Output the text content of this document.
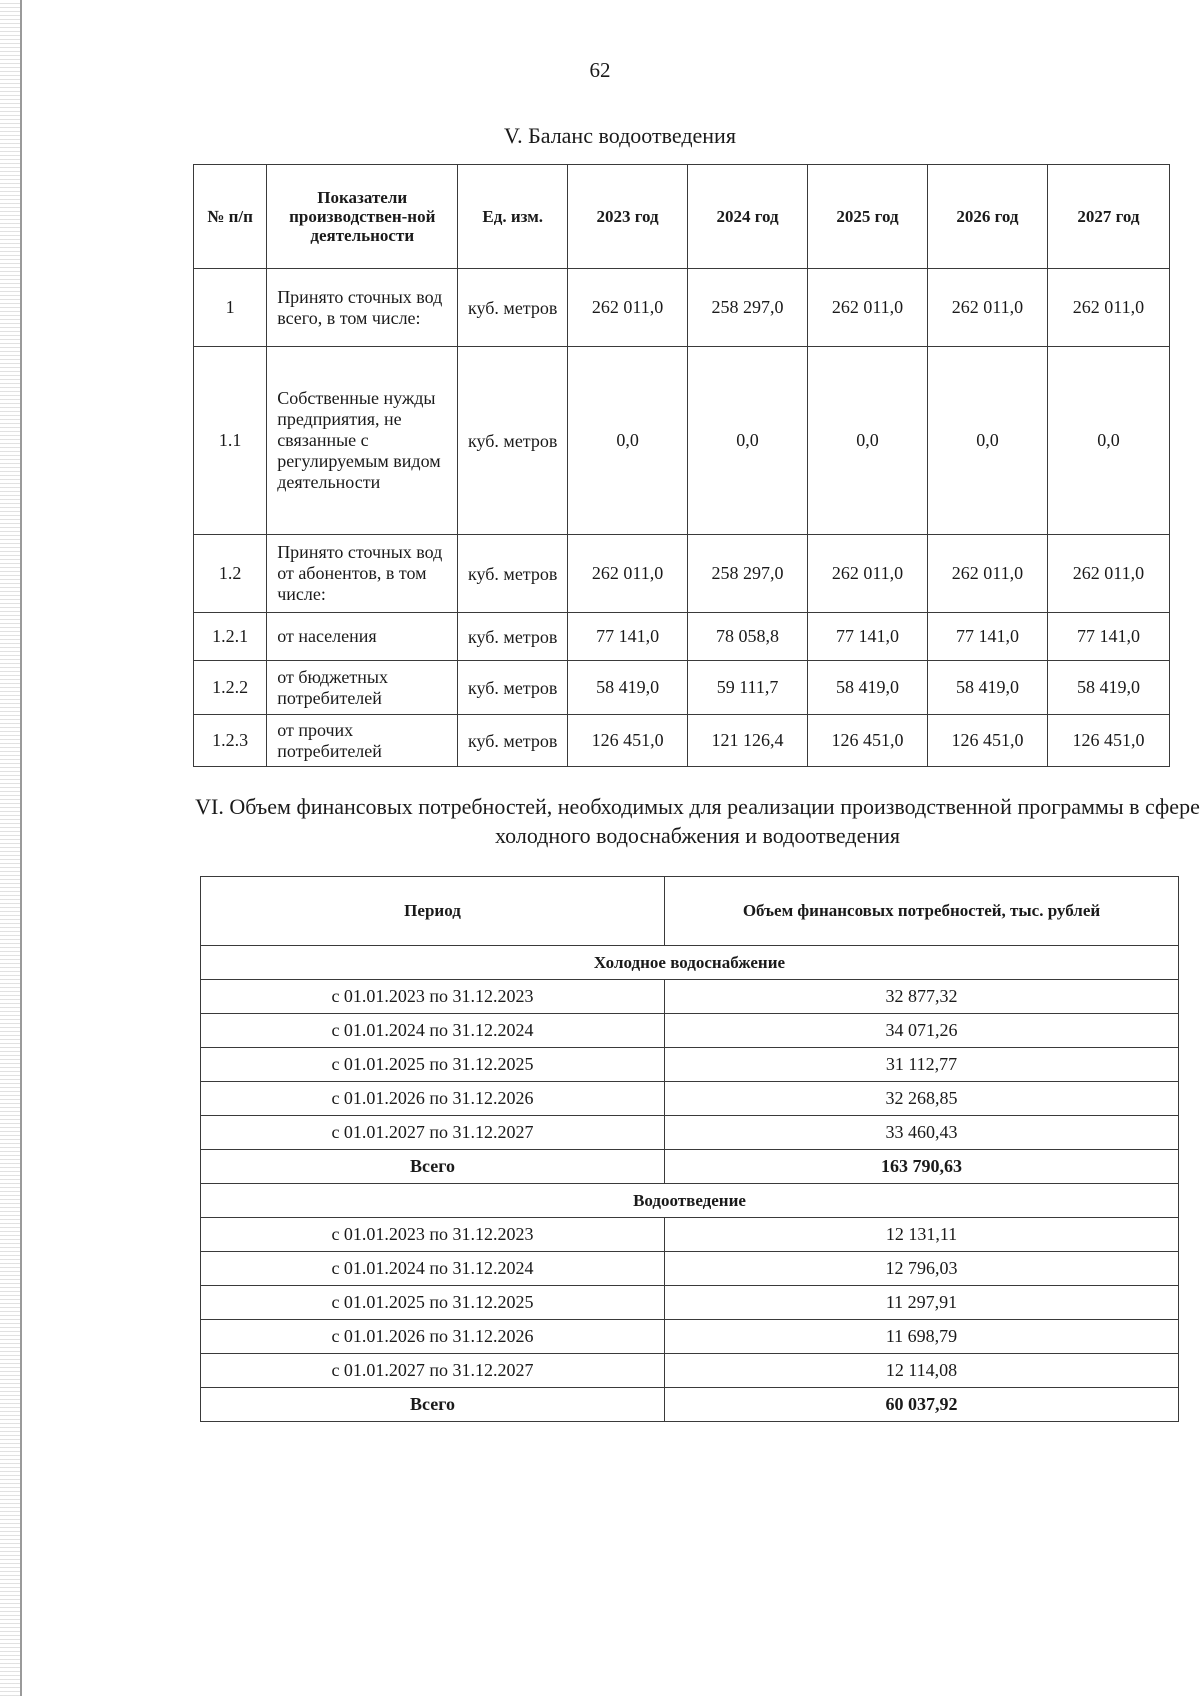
62
V. Баланс водоотведения
№ п/п	Показатели производствен-ной деятельности	Ед. изм.	2023 год	2024 год	2025 год	2026 год	2027 год
1	Принято сточных вод всего, в том числе:	куб. метров	262 011,0	258 297,0	262 011,0	262 011,0	262 011,0
1.1	Собственные нужды предприятия, не связанные с регулируемым видом деятельности	куб. метров	0,0	0,0	0,0	0,0	0,0
1.2	Принято сточных вод от абонентов, в том числе:	куб. метров	262 011,0	258 297,0	262 011,0	262 011,0	262 011,0
1.2.1	от населения	куб. метров	77 141,0	78 058,8	77 141,0	77 141,0	77 141,0
1.2.2	от бюджетных потребителей	куб. метров	58 419,0	59 111,7	58 419,0	58 419,0	58 419,0
1.2.3	от прочих потребителей	куб. метров	126 451,0	121 126,4	126 451,0	126 451,0	126 451,0
VI. Объем финансовых потребностей, необходимых для реализации производственной программы в сфере холодного водоснабжения и водоотведения
Период	Объем финансовых потребностей, тыс. рублей
Холодное водоснабжение	
с 01.01.2023 по 31.12.2023	32 877,32
с 01.01.2024 по 31.12.2024	34 071,26
с 01.01.2025 по 31.12.2025	31 112,77
с 01.01.2026 по 31.12.2026	32 268,85
с 01.01.2027 по 31.12.2027	33 460,43
Всего	163 790,63
Водоотведение	
с 01.01.2023 по 31.12.2023	12 131,11
с 01.01.2024 по 31.12.2024	12 796,03
с 01.01.2025 по 31.12.2025	11 297,91
с 01.01.2026 по 31.12.2026	11 698,79
с 01.01.2027 по 31.12.2027	12 114,08
Всего	60 037,92
